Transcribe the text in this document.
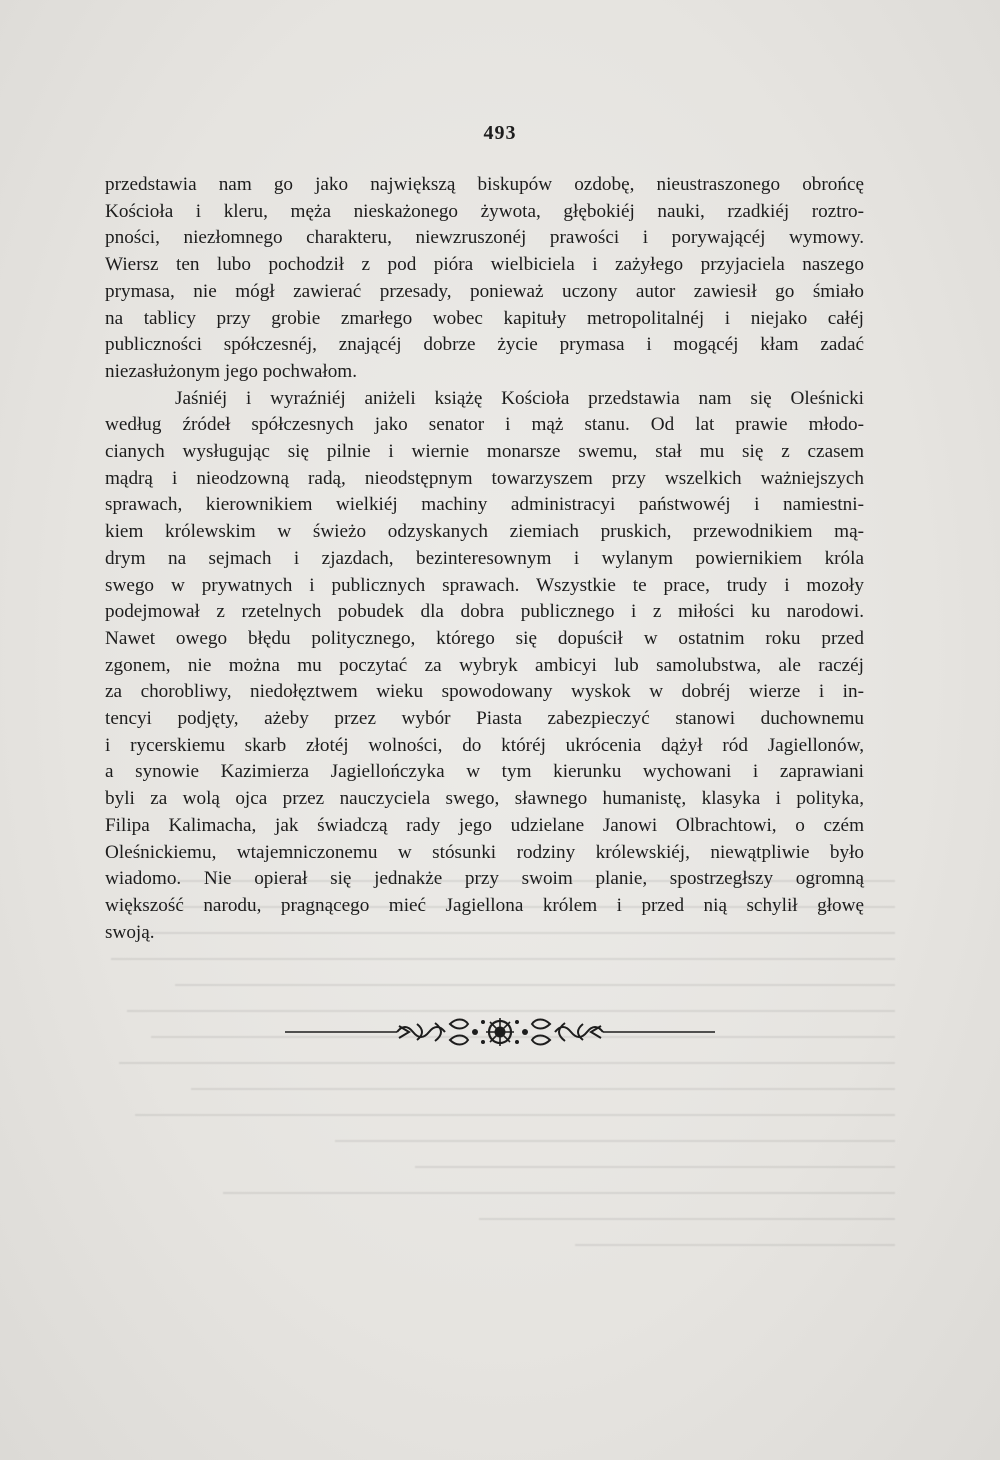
493
przedstawia nam go jako największą biskupów ozdobę, nieustraszonego obrońcę
Kościoła i kleru, męża nieskażonego żywota, głębokiéj nauki, rzadkiéj roztro-
pności, niezłomnego charakteru, niewzruszonéj prawości i porywającéj wymowy.
Wiersz ten lubo pochodził z pod pióra wielbiciela i zażyłego przyjaciela naszego
prymasa, nie mógł zawierać przesady, ponieważ uczony autor zawiesił go śmiało
na tablicy przy grobie zmarłego wobec kapituły metropolitalnéj i niejako całéj
publiczności spółczesnéj, znającéj dobrze życie prymasa i mogącéj kłam zadać
niezasłużonym jego pochwałom.
Jaśniéj i wyraźniéj aniżeli książę Kościoła przedstawia nam się Oleśnicki
według źródeł spółczesnych jako senator i mąż stanu. Od lat prawie młodo-
cianych wysługując się pilnie i wiernie monarsze swemu, stał mu się z czasem
mądrą i nieodzowną radą, nieodstępnym towarzyszem przy wszelkich ważniejszych
sprawach, kierownikiem wielkiéj machiny administracyi państwowéj i namiestni-
kiem królewskim w świeżo odzyskanych ziemiach pruskich, przewodnikiem mą-
drym na sejmach i zjazdach, bezinteresownym i wylanym powiernikiem króla
swego w prywatnych i publicznych sprawach. Wszystkie te prace, trudy i mozoły
podejmował z rzetelnych pobudek dla dobra publicznego i z miłości ku narodowi.
Nawet owego błędu politycznego, którego się dopuścił w ostatnim roku przed
zgonem, nie można mu poczytać za wybryk ambicyi lub samolubstwa, ale raczéj
za chorobliwy, niedołęztwem wieku spowodowany wyskok w dobréj wierze i in-
tencyi podjęty, ażeby przez wybór Piasta zabezpieczyć stanowi duchownemu
i rycerskiemu skarb złotéj wolności, do któréj ukrócenia dążył ród Jagiellonów,
a synowie Kazimierza Jagiellończyka w tym kierunku wychowani i zaprawiani
byli za wolą ojca przez nauczyciela swego, sławnego humanistę, klasyka i polityka,
Filipa Kalimacha, jak świadczą rady jego udzielane Janowi Olbrachtowi, o czém
Oleśnickiemu, wtajemniczonemu w stósunki rodziny królewskiéj, niewątpliwie było
wiadomo. Nie opierał się jednakże przy swoim planie, spostrzegłszy ogromną
większość narodu, pragnącego mieć Jagiellona królem i przed nią schylił głowę
swoją.
